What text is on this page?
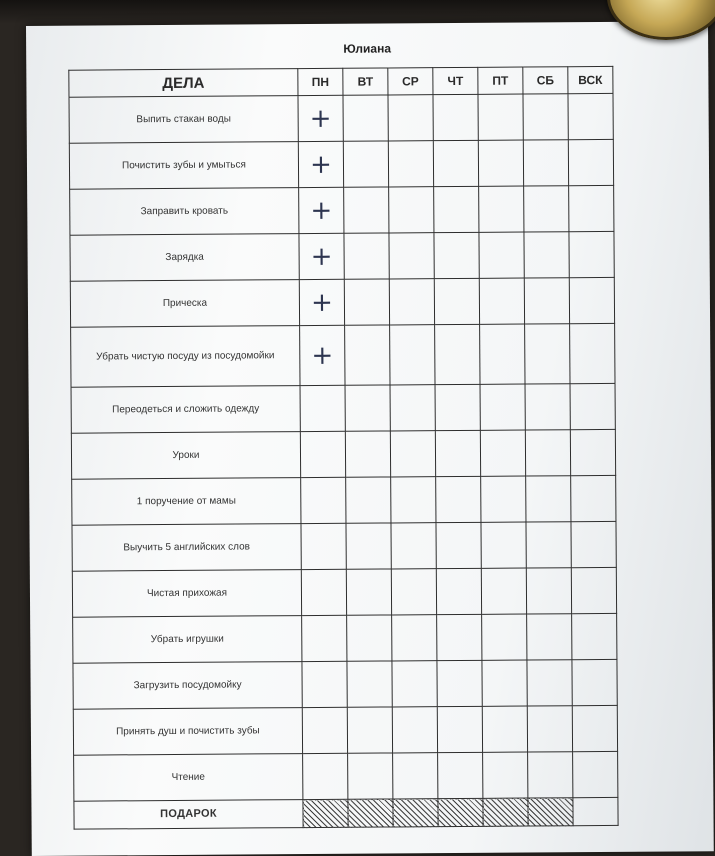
Юлиана
ДЕЛА	ПН	ВТ	СР	ЧТ	ПТ	СБ	ВСК
Выпить стакан воды	+						
Почистить зубы и умыться	+						
Заправить кровать	+						
Зарядка	+						
Прическа	+						
Убрать чистую посуду из посудомойки	+						
Переодеться и сложить одежду							
Уроки							
1 поручение от мамы							
Выучить 5 английских слов							
Чистая прихожая							
Убрать игрушки							
Загрузить посудомойку							
Принять душ и почистить зубы							
Чтение							
ПОДАРОК							
